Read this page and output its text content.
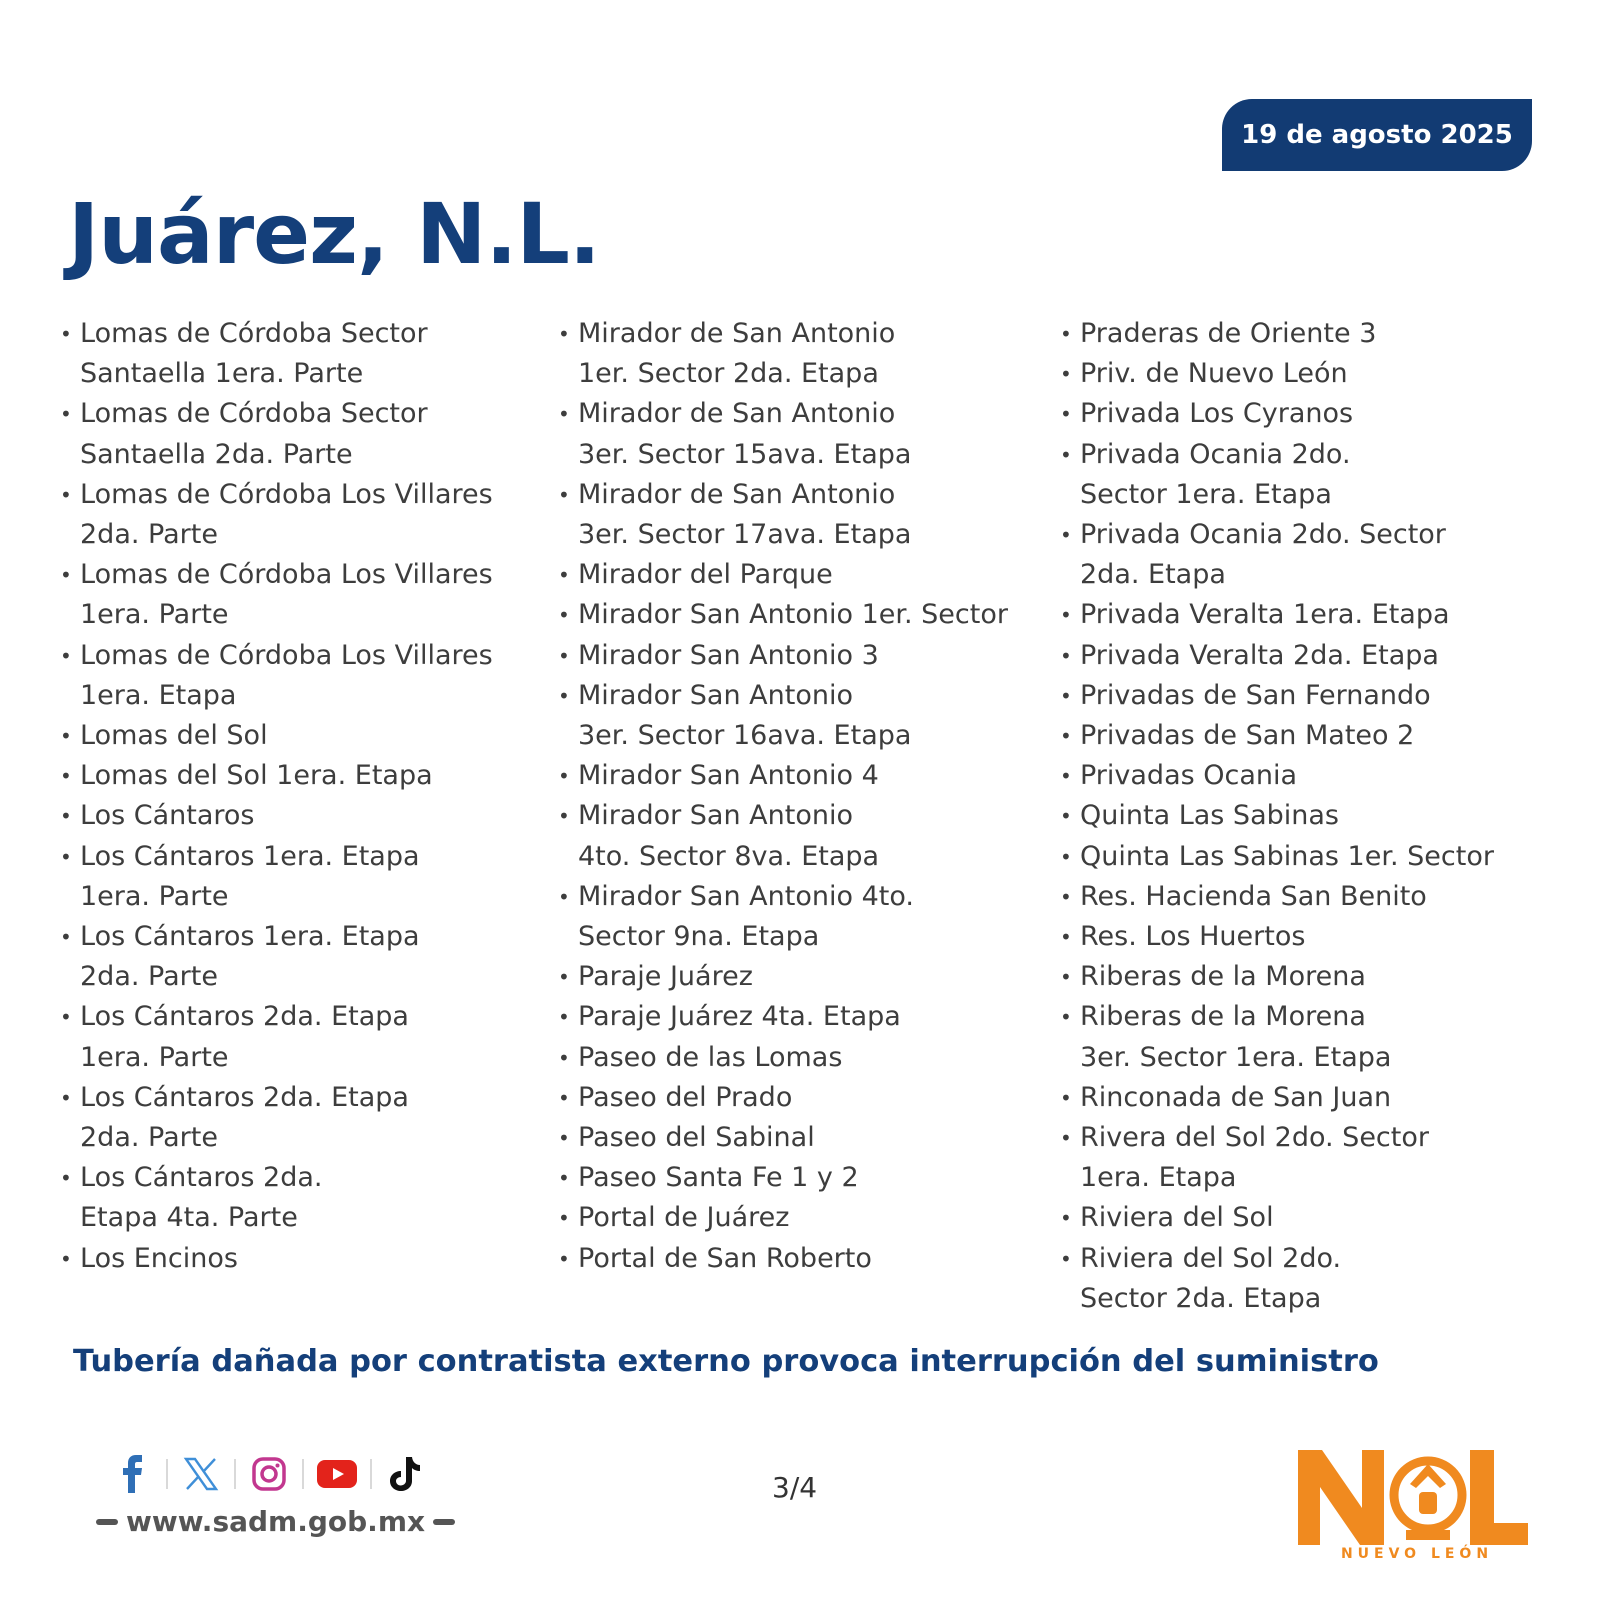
19 de agosto 2025
Juárez, N.L.
• Lomas de Córdoba Sector
Santaella 1era. Parte
• Lomas de Córdoba Sector
Santaella 2da. Parte
• Lomas de Córdoba Los Villares
2da. Parte
• Lomas de Córdoba Los Villares
1era. Parte
• Lomas de Córdoba Los Villares
1era. Etapa
• Lomas del Sol
• Lomas del Sol 1era. Etapa
• Los Cántaros
• Los Cántaros 1era. Etapa
1era. Parte
• Los Cántaros 1era. Etapa
2da. Parte
• Los Cántaros 2da. Etapa
1era. Parte
• Los Cántaros 2da. Etapa
2da. Parte
• Los Cántaros 2da.
Etapa 4ta. Parte
• Los Encinos
• Mirador de San Antonio
1er. Sector 2da. Etapa
• Mirador de San Antonio
3er. Sector 15ava. Etapa
• Mirador de San Antonio
3er. Sector 17ava. Etapa
• Mirador del Parque
• Mirador San Antonio 1er. Sector
• Mirador San Antonio 3
• Mirador San Antonio
3er. Sector 16ava. Etapa
• Mirador San Antonio 4
• Mirador San Antonio
4to. Sector 8va. Etapa
• Mirador San Antonio 4to.
Sector 9na. Etapa
• Paraje Juárez
• Paraje Juárez 4ta. Etapa
• Paseo de las Lomas
• Paseo del Prado
• Paseo del Sabinal
• Paseo Santa Fe 1 y 2
• Portal de Juárez
• Portal de San Roberto
• Praderas de Oriente 3
• Priv. de Nuevo León
• Privada Los Cyranos
• Privada Ocania 2do.
Sector 1era. Etapa
• Privada Ocania 2do. Sector
2da. Etapa
• Privada Veralta 1era. Etapa
• Privada Veralta 2da. Etapa
• Privadas de San Fernando
• Privadas de San Mateo 2
• Privadas Ocania
• Quinta Las Sabinas
• Quinta Las Sabinas 1er. Sector
• Res. Hacienda San Benito
• Res. Los Huertos
• Riberas de la Morena
• Riberas de la Morena
3er. Sector 1era. Etapa
• Rinconada de San Juan
• Rivera del Sol 2do. Sector
1era. Etapa
• Riviera del Sol
• Riviera del Sol 2do.
Sector 2da. Etapa
Tubería dañada por contratista externo provoca interrupción del suministro
www.sadm.gob.mx
3/4
NUEVO LEÓN
